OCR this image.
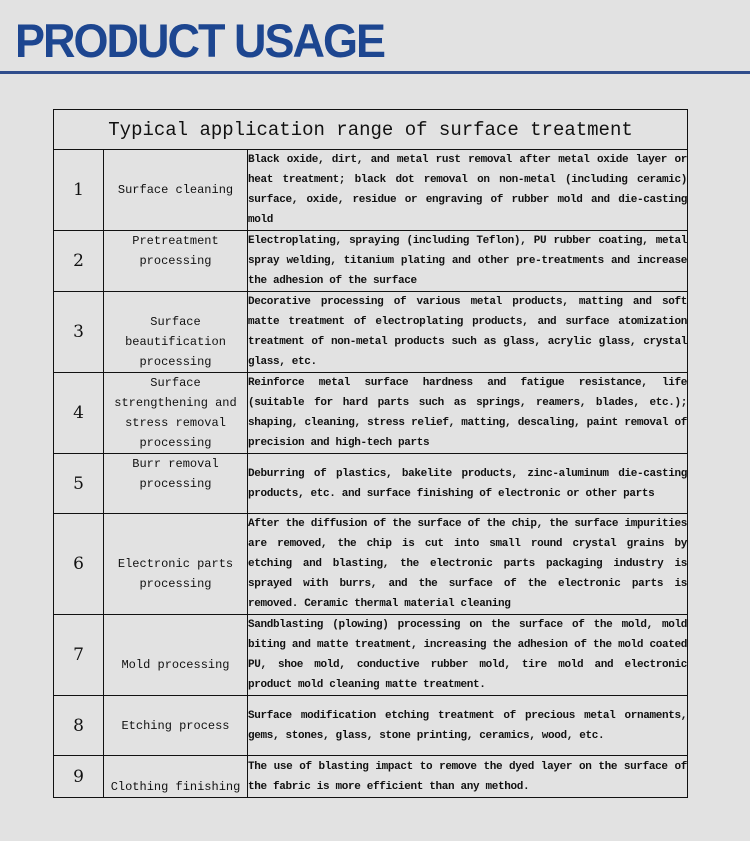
PRODUCT USAGE
Typical application range of surface treatment		
1	Surface cleaning	Black oxide, dirt, and metal rust removal after metal oxide layer or heat treatment; black dot removal on non-metal (including ceramic) surface, oxide, residue or engraving of rubber mold and die-casting mold
2	Pretreatment processing	Electroplating, spraying (including Teflon), PU rubber coating, metal spray welding, titanium plating and other pre-treatments and increase the adhesion of the surface
3	Surface beautification processing	Decorative processing of various metal products, matting and soft matte treatment of electroplating products, and surface atomization treatment of non-metal products such as glass, acrylic glass, crystal glass, etc.
4	Surface strengthening and stress removal processing	Reinforce metal surface hardness and fatigue resistance, life (suitable for hard parts such as springs, reamers, blades, etc.); shaping, cleaning, stress relief, matting, descaling, paint removal of precision and high-tech parts
5	Burr removal processing	Deburring of plastics, bakelite products, zinc-aluminum die-casting products, etc. and surface finishing of electronic or other parts
6	Electronic parts processing	After the diffusion of the surface of the chip, the surface impurities are removed, the chip is cut into small round crystal grains by etching and blasting, the electronic parts packaging industry is sprayed with burrs, and the surface of the electronic parts is removed. Ceramic thermal material cleaning
7	Mold processing	Sandblasting (plowing) processing on the surface of the mold, mold biting and matte treatment, increasing the adhesion of the mold coated PU, shoe mold, conductive rubber mold, tire mold and electronic product mold cleaning matte treatment.
8	Etching process	Surface modification etching treatment of precious metal ornaments, gems, stones, glass, stone printing, ceramics, wood, etc.
9	Clothing finishing	The use of blasting impact to remove the dyed layer on the surface of the fabric is more efficient than any method.
